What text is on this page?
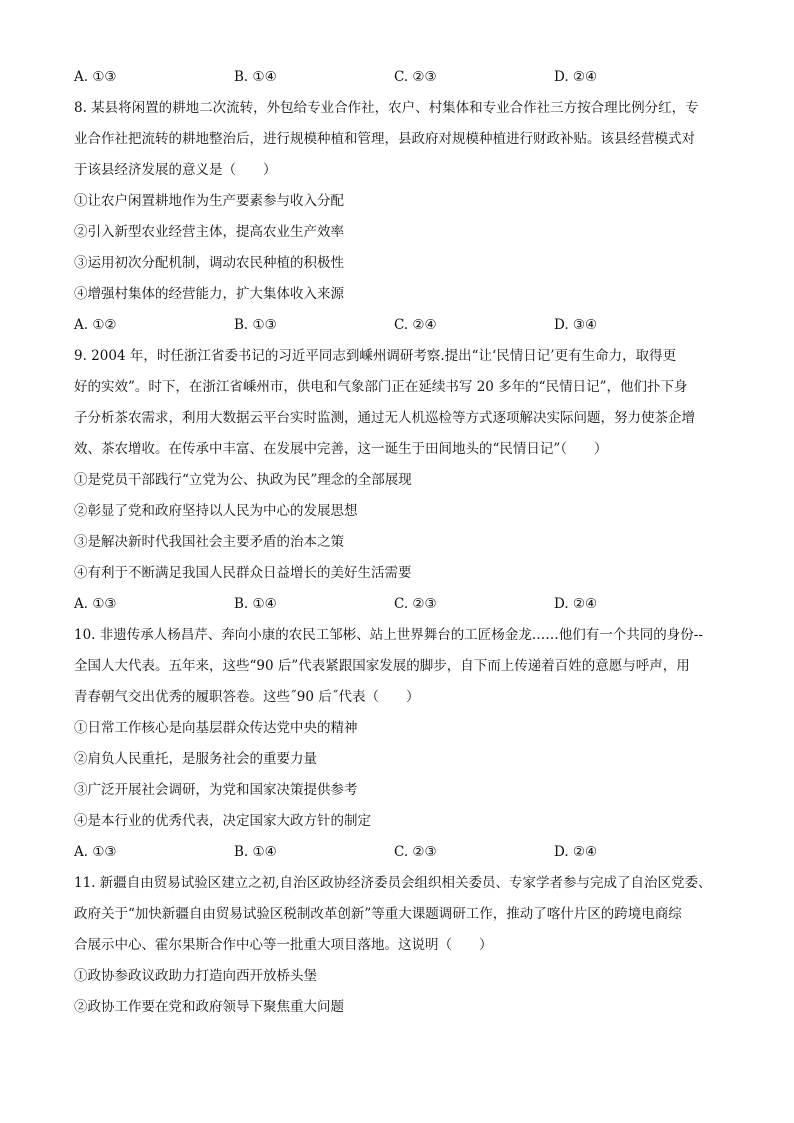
A. ①③	B. ①④	C. ②③	D. ②④
8. 某县将闲置的耕地二次流转，外包给专业合作社，农户、村集体和专业合作社三方按合理比例分红，专
业合作社把流转的耕地整治后，进行规模种植和管理，县政府对规模种植进行财政补贴。该县经营模式对
于该县经济发展的意义是（　　）
①让农户闲置耕地作为生产要素参与收入分配
②引入新型农业经营主体，提高农业生产效率
③运用初次分配机制，调动农民种植的积极性
④增强村集体的经营能力，扩大集体收入来源
A. ①②	B. ①③	C. ②④	D. ③④
9. 2004 年，时任浙江省委书记的习近平同志到嵊州调研考察.提出“让‘民情日记’更有生命力，取得更
好的实效”。时下，在浙江省嵊州市，供电和气象部门正在延续书写 20 多年的“民情日记”，他们扑下身
子分析茶农需求，利用大数据云平台实时监测，通过无人机巡检等方式逐项解决实际问题，努力使茶企增
效、茶农增收。在传承中丰富、在发展中完善，这一诞生于田间地头的“民情日记”（　　）
①是党员干部践行“立党为公、执政为民”理念的全部展现
②彰显了党和政府坚持以人民为中心的发展思想
③是解决新时代我国社会主要矛盾的治本之策
④有利于不断满足我国人民群众日益增长的美好生活需要
A. ①③	B. ①④	C. ②③	D. ②④
10. 非遗传承人杨昌芹、奔向小康的农民工邹彬、站上世界舞台的工匠杨金龙……他们有一个共同的身份--
全国人大代表。五年来，这些“90 后”代表紧跟国家发展的脚步，自下而上传递着百姓的意愿与呼声，用
青春朝气交出优秀的履职答卷。这些˝90 后˝代表（　　）
①日常工作核心是向基层群众传达党中央的精神
②肩负人民重托，是服务社会的重要力量
③广泛开展社会调研，为党和国家决策提供参考
④是本行业的优秀代表，决定国家大政方针的制定
A. ①③	B. ①④	C. ②③	D. ②④
11. 新疆自由贸易试验区建立之初,自治区政协经济委员会组织相关委员、专家学者参与完成了自治区党委、
政府关于“加快新疆自由贸易试验区税制改革创新”等重大课题调研工作，推动了喀什片区的跨境电商综
合展示中心、霍尔果斯合作中心等一批重大项目落地。这说明（　　）
①政协参政议政助力打造向西开放桥头堡
②政协工作要在党和政府领导下聚焦重大问题
